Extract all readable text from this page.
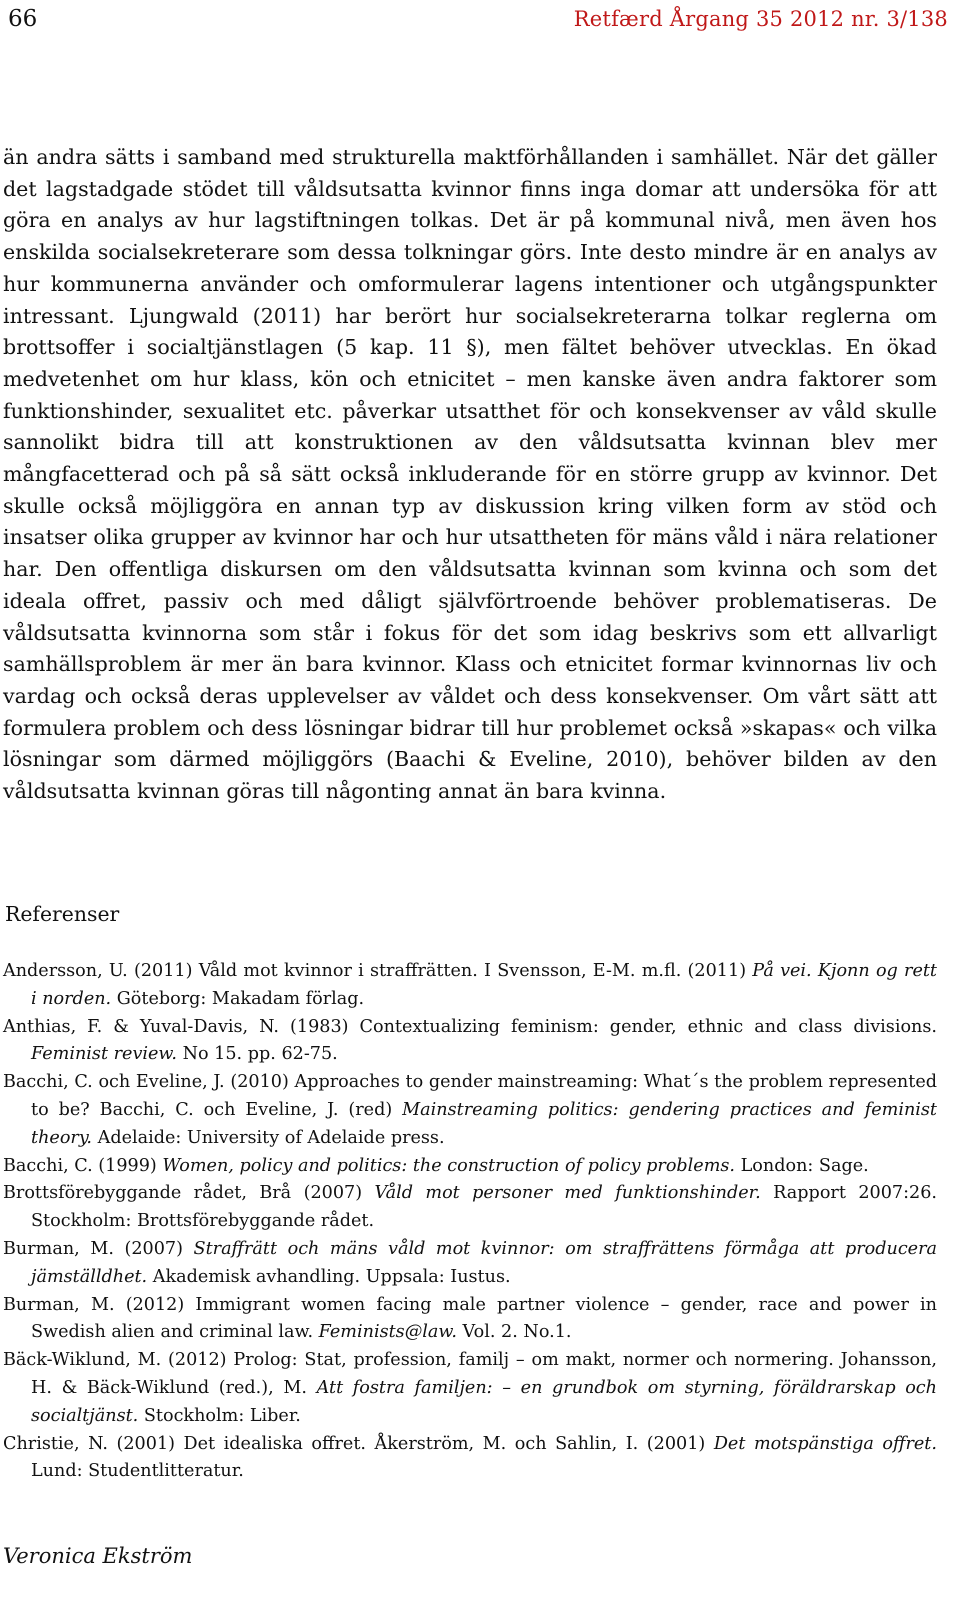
66	Retfærd Årgang 35 2012 nr. 3/138

än andra sätts i samband med strukturella maktförhållanden i samhället. När det gäller det lagstadgade stödet till våldsutsatta kvinnor finns inga domar att undersöka för att göra en analys av hur lagstiftningen tolkas. Det är på kommunal nivå, men även hos enskilda socialsekreterare som dessa tolkningar görs. Inte desto mindre är en analys av hur kommunerna använder och omformulerar lagens intentioner och utgångspunkter intressant. Ljungwald (2011) har berört hur socialsekreterarna tolkar reglerna om brottsoffer i socialtjänstlagen (5 kap. 11 §), men fältet behöver utvecklas. En ökad medvetenhet om hur klass, kön och etnicitet – men kanske även andra faktorer som funktionshinder, sexualitet etc. påverkar utsatthet för och konsekvenser av våld skulle sannolikt bidra till att konstruktionen av den våldsutsatta kvinnan blev mer mångfacetterad och på så sätt också inkluderande för en större grupp av kvinnor. Det skulle också möjliggöra en annan typ av diskussion kring vilken form av stöd och insatser olika grupper av kvinnor har och hur utsattheten för mäns våld i nära relationer har. Den offentliga diskursen om den våldsutsatta kvinnan som kvinna och som det ideala offret, passiv och med dåligt självförtroende behöver problematiseras. De våldsutsatta kvinnorna som står i fokus för det som idag beskrivs som ett allvarligt samhällsproblem är mer än bara kvinnor. Klass och etnicitet formar kvinnornas liv och vardag och också deras upplevelser av våldet och dess konsekvenser. Om vårt sätt att formulera problem och dess lösningar bidrar till hur problemet också »skapas« och vilka lösningar som därmed möjliggörs (Baachi & Eveline, 2010), behöver bilden av den våldsutsatta kvinnan göras till någonting annat än bara kvinna.

Referenser
Andersson, U. (2011) Våld mot kvinnor i straffrätten. I Svensson, E-M. m.fl. (2011) På vei. Kjonn og rett i norden. Göteborg: Makadam förlag.
Anthias, F. & Yuval-Davis, N. (1983) Contextualizing feminism: gender, ethnic and class divisions. Feminist review. No 15. pp. 62-75.
Bacchi, C. och Eveline, J. (2010) Approaches to gender mainstreaming: What´s the problem represented to be? Bacchi, C. och Eveline, J. (red) Mainstreaming politics: gendering practices and feminist theory. Adelaide: University of Adelaide press.
Bacchi, C. (1999) Women, policy and politics: the construction of policy problems. London: Sage.
Brottsförebyggande rådet, Brå (2007) Våld mot personer med funktionshinder. Rapport 2007:26. Stockholm: Brottsförebyggande rådet.
Burman, M. (2007) Straffrätt och mäns våld mot kvinnor: om straffrättens förmåga att producera jämställdhet. Akademisk avhandling. Uppsala: Iustus.
Burman, M. (2012) Immigrant women facing male partner violence – gender, race and power in Swedish alien and criminal law. Feminists@law. Vol. 2. No.1.
Bäck-Wiklund, M. (2012) Prolog: Stat, profession, familj – om makt, normer och normering. Johansson, H. & Bäck-Wiklund (red.), M. Att fostra familjen: – en grundbok om styrning, föräldrarskap och socialtjänst. Stockholm: Liber.
Christie, N. (2001) Det idealiska offret. Åkerström, M. och Sahlin, I. (2001) Det motspänstiga offret. Lund: Studentlitteratur.
Veronica Ekström
